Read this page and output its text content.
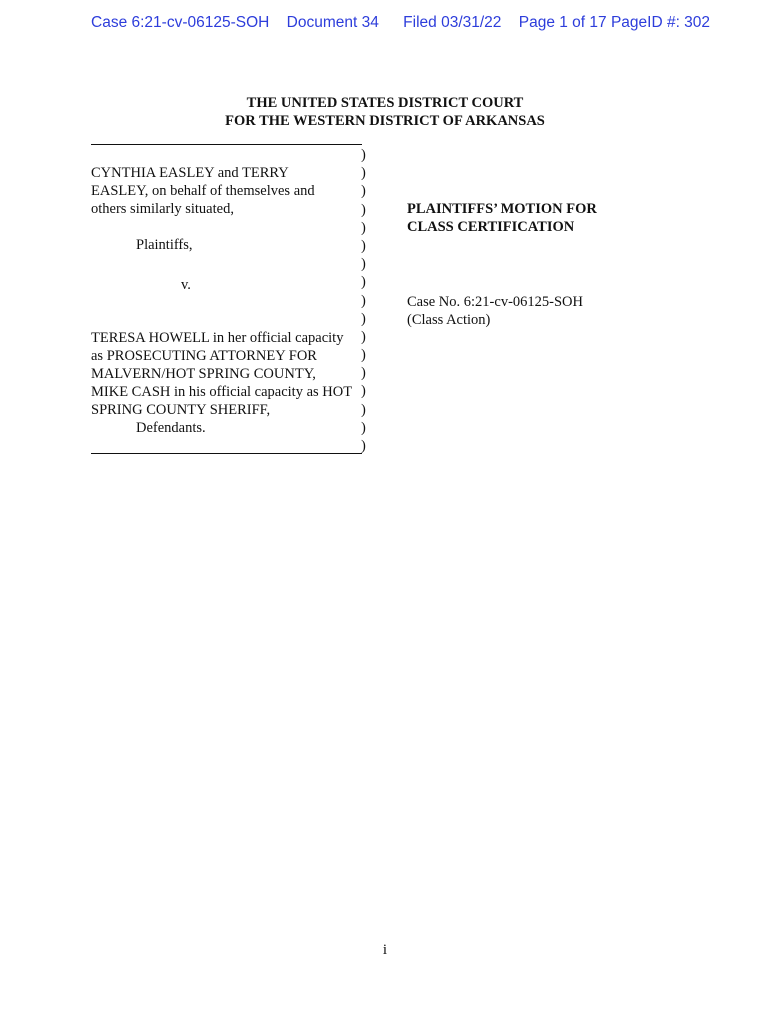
Case 6:21-cv-06125-SOH Document 34 Filed 03/31/22 Page 1 of 17 PageID #: 302
THE UNITED STATES DISTRICT COURT
FOR THE WESTERN DISTRICT OF ARKANSAS
CYNTHIA EASLEY and TERRY
EASLEY, on behalf of themselves and
others similarly situated,
Plaintiffs,
v.
TERESA HOWELL in her official capacity
as PROSECUTING ATTORNEY FOR
MALVERN/HOT SPRING COUNTY,
MIKE CASH in his official capacity as HOT
SPRING COUNTY SHERIFF,
Defendants.
)
)
)
)
)
)
)
)
)
)
)
)
)
)
)
)
)
PLAINTIFFS’ MOTION FOR
CLASS CERTIFICATION
Case No. 6:21-cv-06125-SOH
(Class Action)
i
